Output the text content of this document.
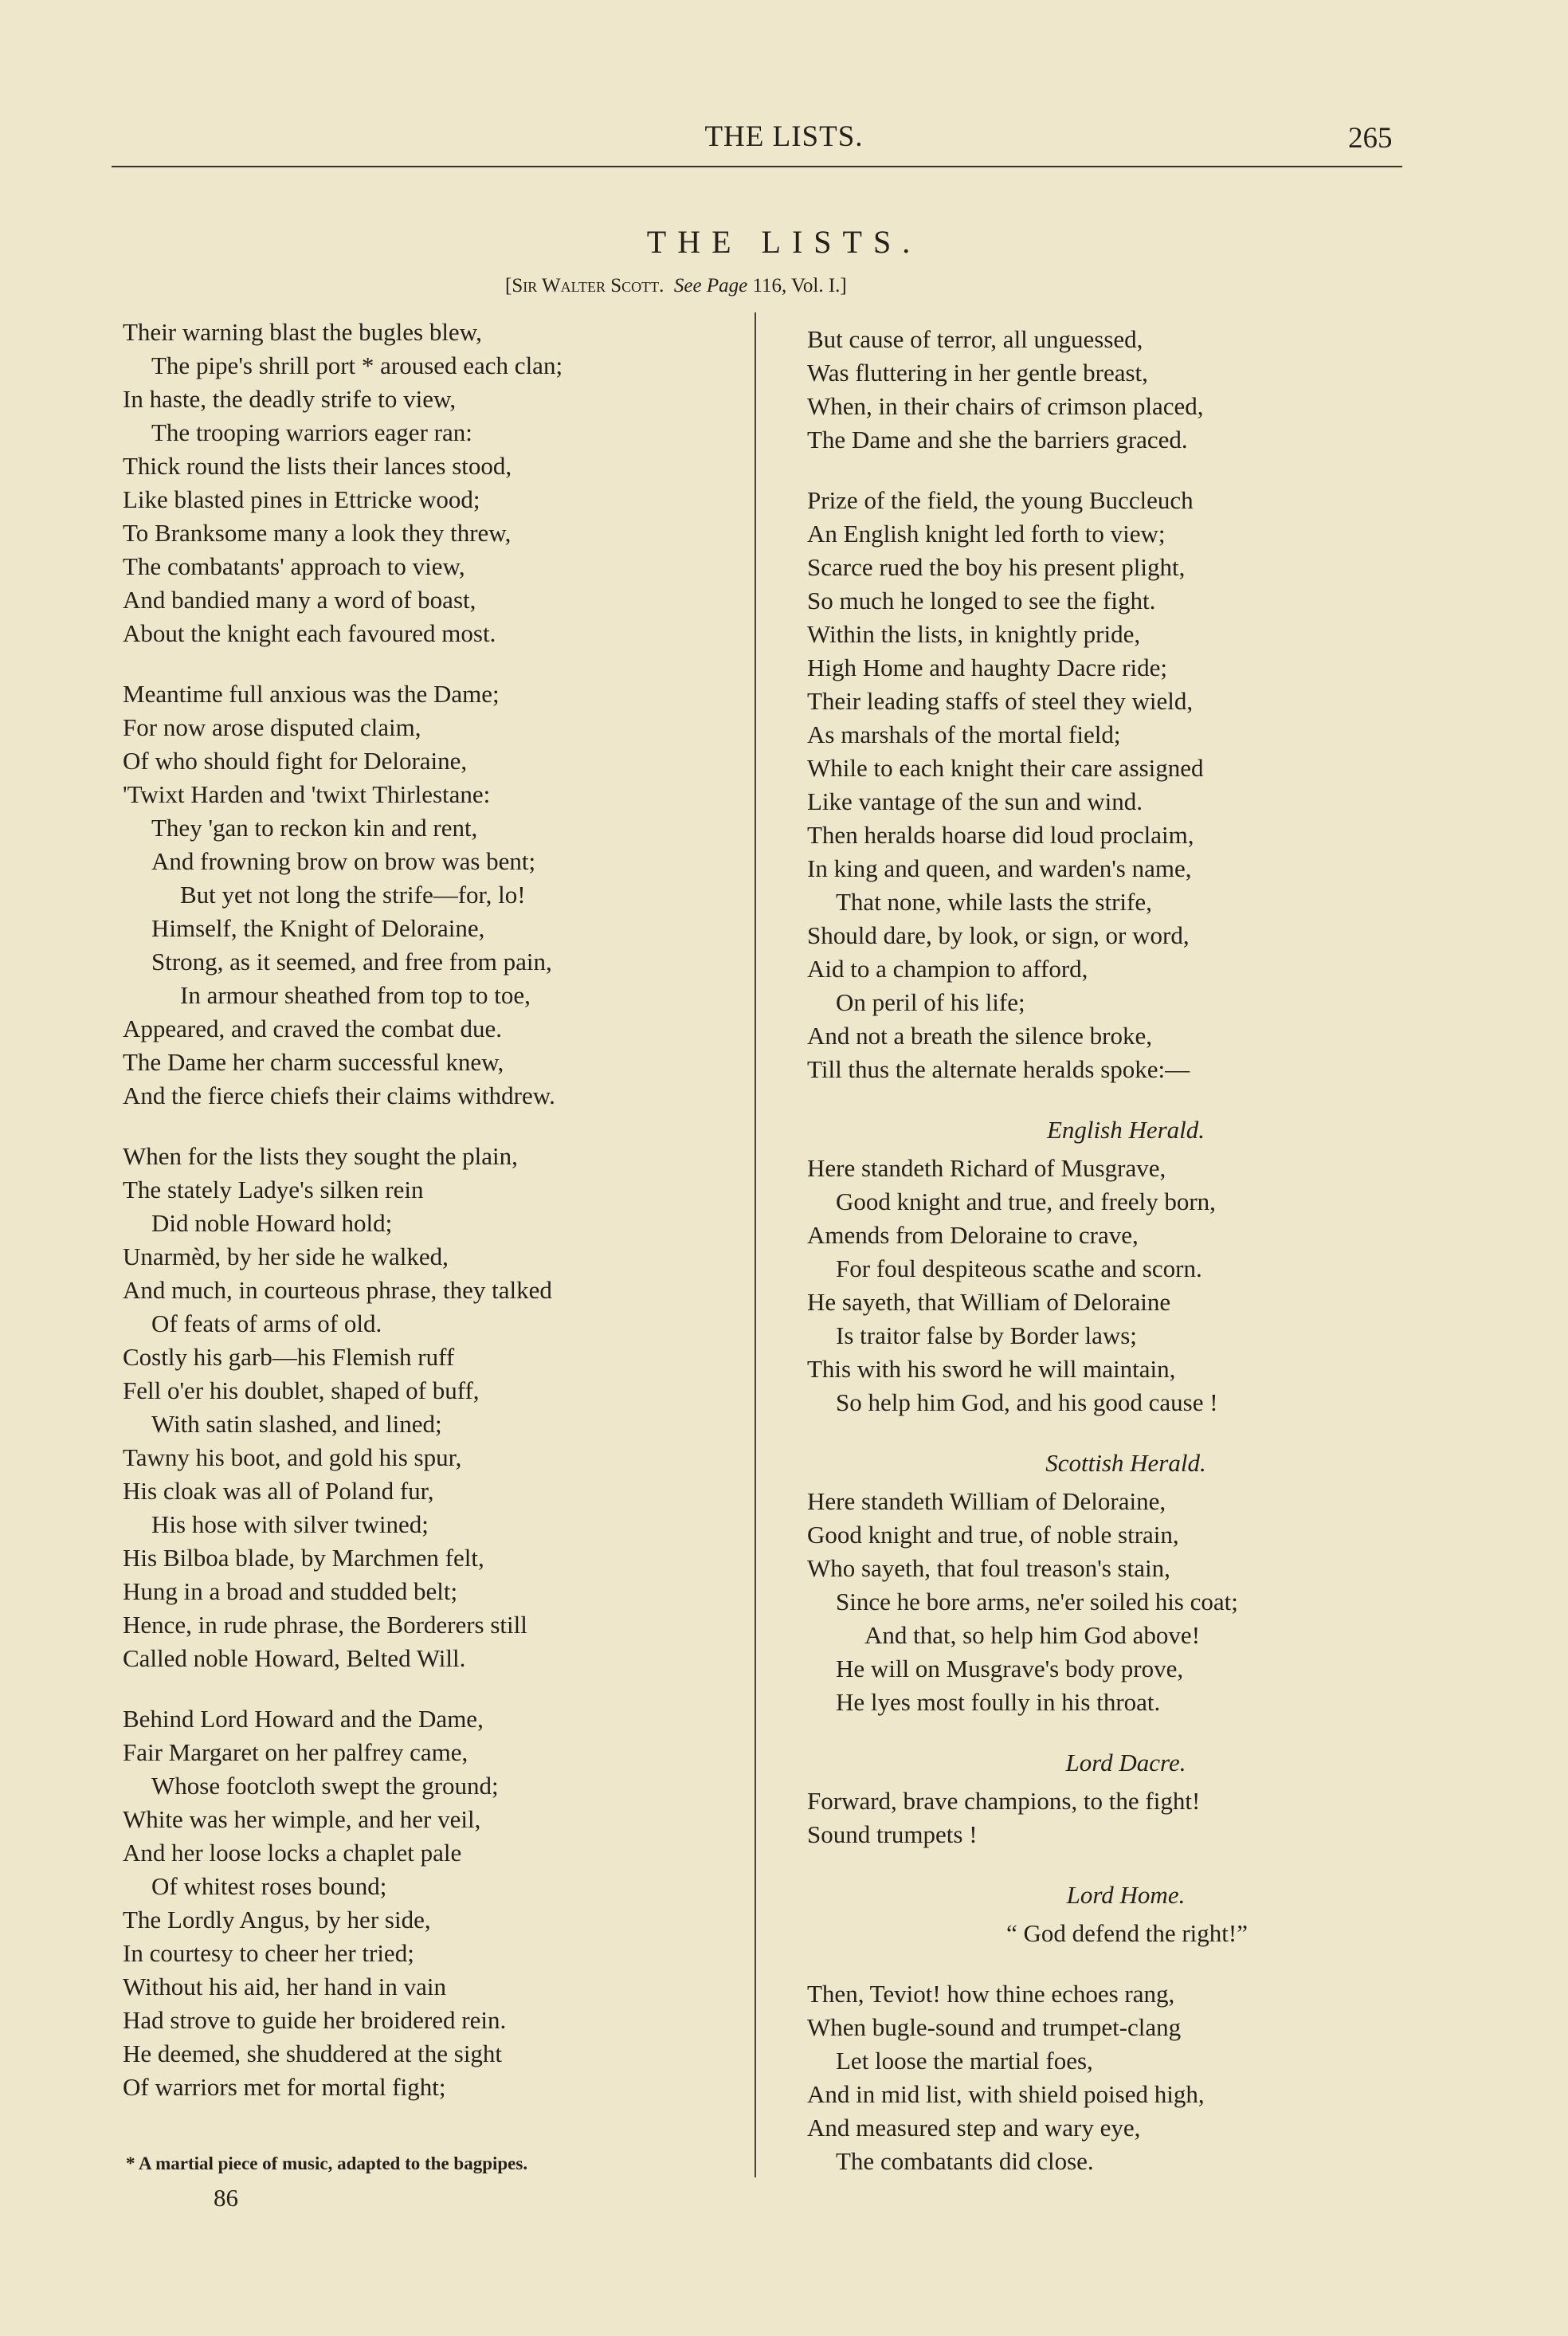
THE LISTS.	265
THE LISTS.
[Sir Walter Scott. See Page 116, Vol. I.]
Their warning blast the bugles blew,
The pipe's shrill port * aroused each clan;
In haste, the deadly strife to view,
The trooping warriors eager ran:
Thick round the lists their lances stood,
Like blasted pines in Ettricke wood;
To Branksome many a look they threw,
The combatants' approach to view,
And bandied many a word of boast,
About the knight each favoured most.
Meantime full anxious was the Dame;
For now arose disputed claim,
Of who should fight for Deloraine,
'Twixt Harden and 'twixt Thirlestane:
They 'gan to reckon kin and rent,
And frowning brow on brow was bent;
But yet not long the strife—for, lo!
Himself, the Knight of Deloraine,
Strong, as it seemed, and free from pain,
In armour sheathed from top to toe,
Appeared, and craved the combat due.
The Dame her charm successful knew,
And the fierce chiefs their claims withdrew.
When for the lists they sought the plain,
The stately Ladye's silken rein
Did noble Howard hold;
Unarmèd, by her side he walked,
And much, in courteous phrase, they talked
Of feats of arms of old.
Costly his garb—his Flemish ruff
Fell o'er his doublet, shaped of buff,
With satin slashed, and lined;
Tawny his boot, and gold his spur,
His cloak was all of Poland fur,
His hose with silver twined;
His Bilboa blade, by Marchmen felt,
Hung in a broad and studded belt;
Hence, in rude phrase, the Borderers still
Called noble Howard, Belted Will.
Behind Lord Howard and the Dame,
Fair Margaret on her palfrey came,
Whose footcloth swept the ground;
White was her wimple, and her veil,
And her loose locks a chaplet pale
Of whitest roses bound;
The Lordly Angus, by her side,
In courtesy to cheer her tried;
Without his aid, her hand in vain
Had strove to guide her broidered rein.
He deemed, she shuddered at the sight
Of warriors met for mortal fight;
But cause of terror, all unguessed,
Was fluttering in her gentle breast,
When, in their chairs of crimson placed,
The Dame and she the barriers graced.
Prize of the field, the young Buccleuch
An English knight led forth to view;
Scarce rued the boy his present plight,
So much he longed to see the fight.
Within the lists, in knightly pride,
High Home and haughty Dacre ride;
Their leading staffs of steel they wield,
As marshals of the mortal field;
While to each knight their care assigned
Like vantage of the sun and wind.
Then heralds hoarse did loud proclaim,
In king and queen, and warden's name,
That none, while lasts the strife,
Should dare, by look, or sign, or word,
Aid to a champion to afford,
On peril of his life;
And not a breath the silence broke,
Till thus the alternate heralds spoke:—
English Herald.
Here standeth Richard of Musgrave,
Good knight and true, and freely born,
Amends from Deloraine to crave,
For foul despiteous scathe and scorn.
He sayeth, that William of Deloraine
Is traitor false by Border laws;
This with his sword he will maintain,
So help him God, and his good cause !
Scottish Herald.
Here standeth William of Deloraine,
Good knight and true, of noble strain,
Who sayeth, that foul treason's stain,
Since he bore arms, ne'er soiled his coat;
And that, so help him God above!
He will on Musgrave's body prove,
He lyes most foully in his throat.
Lord Dacre.
Forward, brave champions, to the fight!
Sound trumpets !
Lord Home.
“ God defend the right!”
Then, Teviot! how thine echoes rang,
When bugle-sound and trumpet-clang
Let loose the martial foes,
And in mid list, with shield poised high,
And measured step and wary eye,
The combatants did close.
* A martial piece of music, adapted to the bagpipes.
86
